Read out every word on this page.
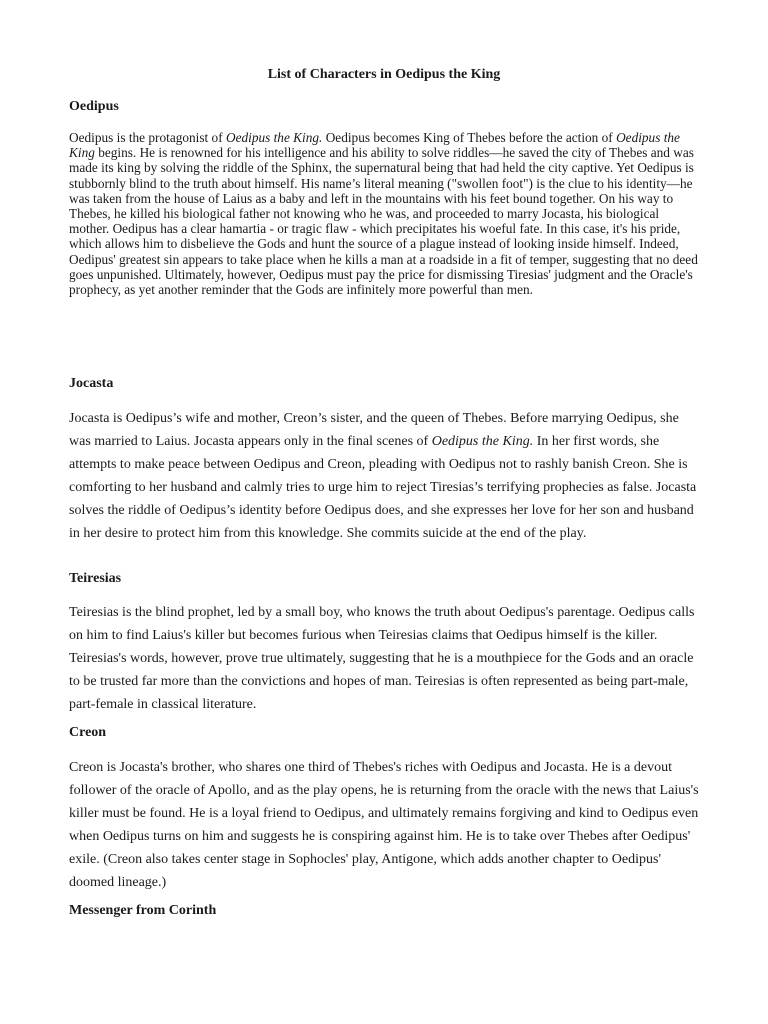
List of Characters in Oedipus the King

Oedipus

Oedipus is the protagonist of Oedipus the King. Oedipus becomes King of Thebes before the action of Oedipus the King begins. He is renowned for his intelligence and his ability to solve riddles—he saved the city of Thebes and was made its king by solving the riddle of the Sphinx, the supernatural being that had held the city captive. Yet Oedipus is stubbornly blind to the truth about himself. His name’s literal meaning ("swollen foot") is the clue to his identity—he was taken from the house of Laius as a baby and left in the mountains with his feet bound together. On his way to Thebes, he killed his biological father not knowing who he was, and proceeded to marry Jocasta, his biological mother. Oedipus has a clear hamartia - or tragic flaw - which precipitates his woeful fate. In this case, it's his pride, which allows him to disbelieve the Gods and hunt the source of a plague instead of looking inside himself. Indeed, Oedipus' greatest sin appears to take place when he kills a man at a roadside in a fit of temper, suggesting that no deed goes unpunished. Ultimately, however, Oedipus must pay the price for dismissing Tiresias' judgment and the Oracle's prophecy, as yet another reminder that the Gods are infinitely more powerful than men.

Jocasta

Jocasta is Oedipus’s wife and mother, Creon’s sister, and the queen of Thebes. Before marrying Oedipus, she was married to Laius. Jocasta appears only in the final scenes of Oedipus the King. In her first words, she attempts to make peace between Oedipus and Creon, pleading with Oedipus not to rashly banish Creon. She is comforting to her husband and calmly tries to urge him to reject Tiresias’s terrifying prophecies as false. Jocasta solves the riddle of Oedipus’s identity before Oedipus does, and she expresses her love for her son and husband in her desire to protect him from this knowledge. She commits suicide at the end of the play.

Teiresias

Teiresias is the blind prophet, led by a small boy, who knows the truth about Oedipus's parentage. Oedipus calls on him to find Laius's killer but becomes furious when Teiresias claims that Oedipus himself is the killer. Teiresias's words, however, prove true ultimately, suggesting that he is a mouthpiece for the Gods and an oracle to be trusted far more than the convictions and hopes of man. Teiresias is often represented as being part-male, part-female in classical literature.

Creon

Creon is Jocasta's brother, who shares one third of Thebes's riches with Oedipus and Jocasta. He is a devout follower of the oracle of Apollo, and as the play opens, he is returning from the oracle with the news that Laius's killer must be found. He is a loyal friend to Oedipus, and ultimately remains forgiving and kind to Oedipus even when Oedipus turns on him and suggests he is conspiring against him. He is to take over Thebes after Oedipus' exile. (Creon also takes center stage in Sophocles' play, Antigone, which adds another chapter to Oedipus' doomed lineage.)

Messenger from Corinth
